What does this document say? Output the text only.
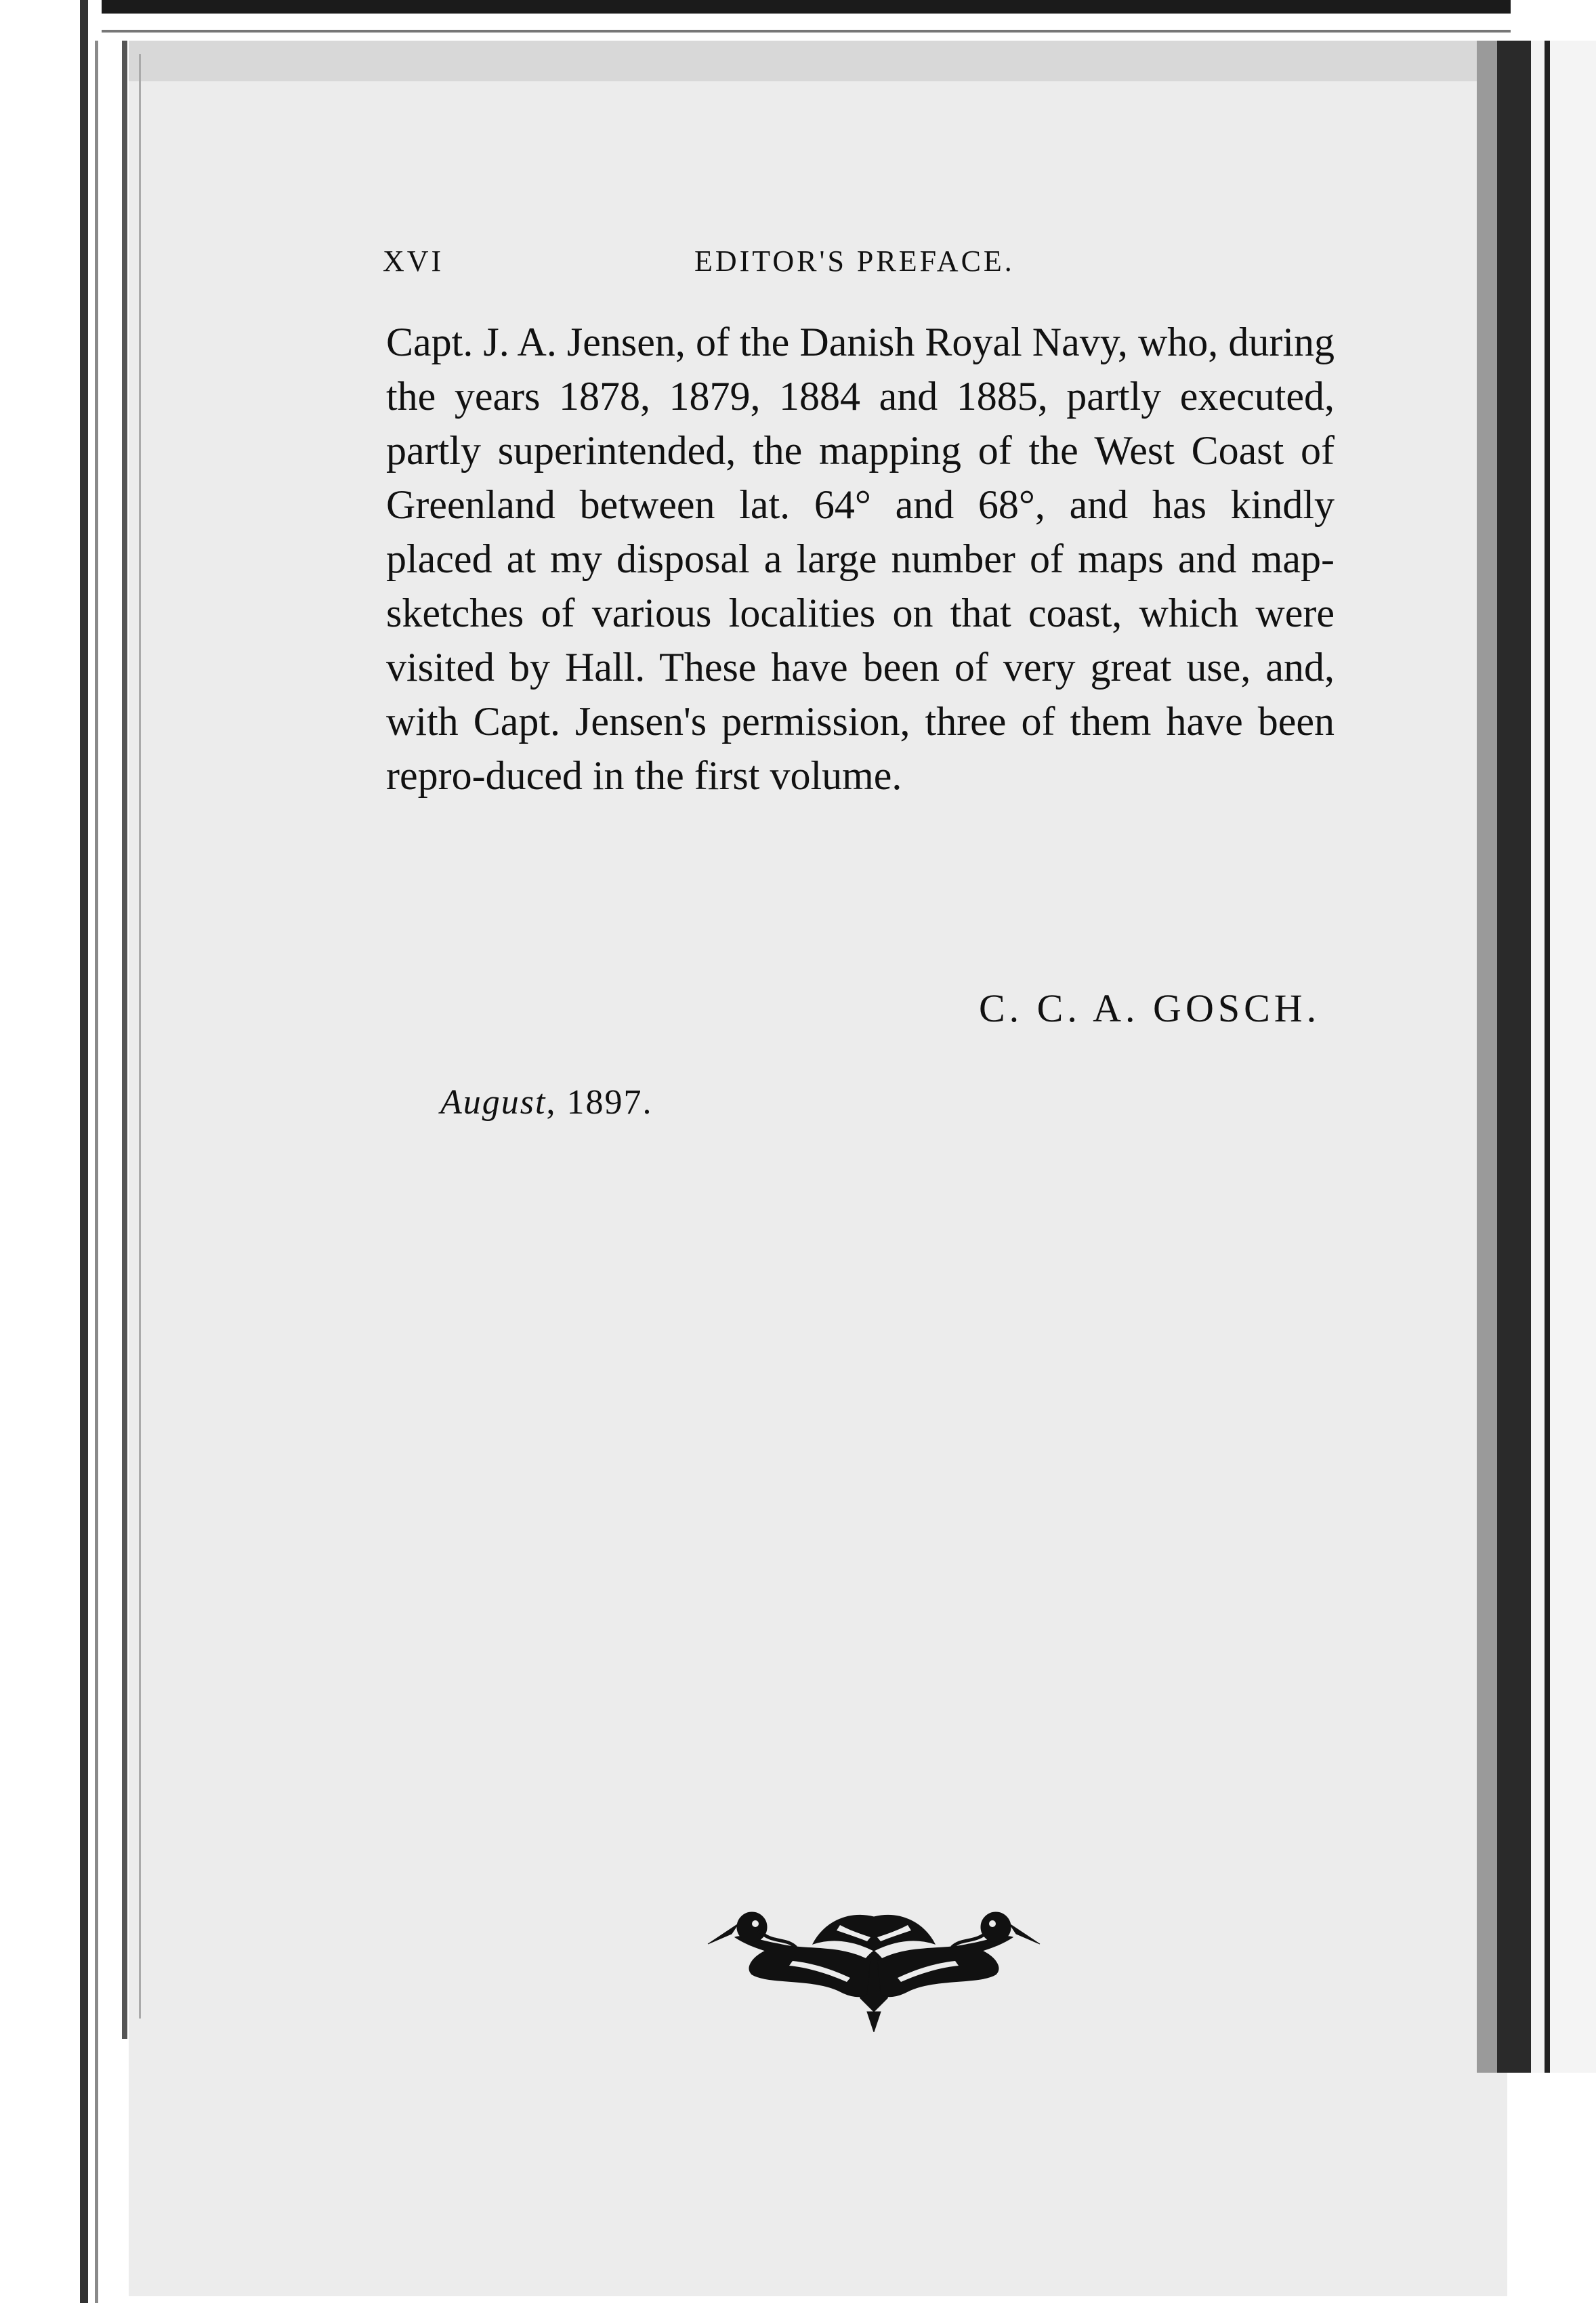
XVI	EDITOR'S PREFACE.

Capt. J. A. Jensen, of the Danish Royal Navy, who, during the years 1878, 1879, 1884 and 1885, partly executed, partly superintended, the mapping of the West Coast of Greenland between lat. 64° and 68°, and has kindly placed at my disposal a large number of maps and map-sketches of various localities on that coast, which were visited by Hall. These have been of very great use, and, with Capt. Jensen's permission, three of them have been repro-duced in the first volume.

C. C. A. GOSCH.
August, 1897.
